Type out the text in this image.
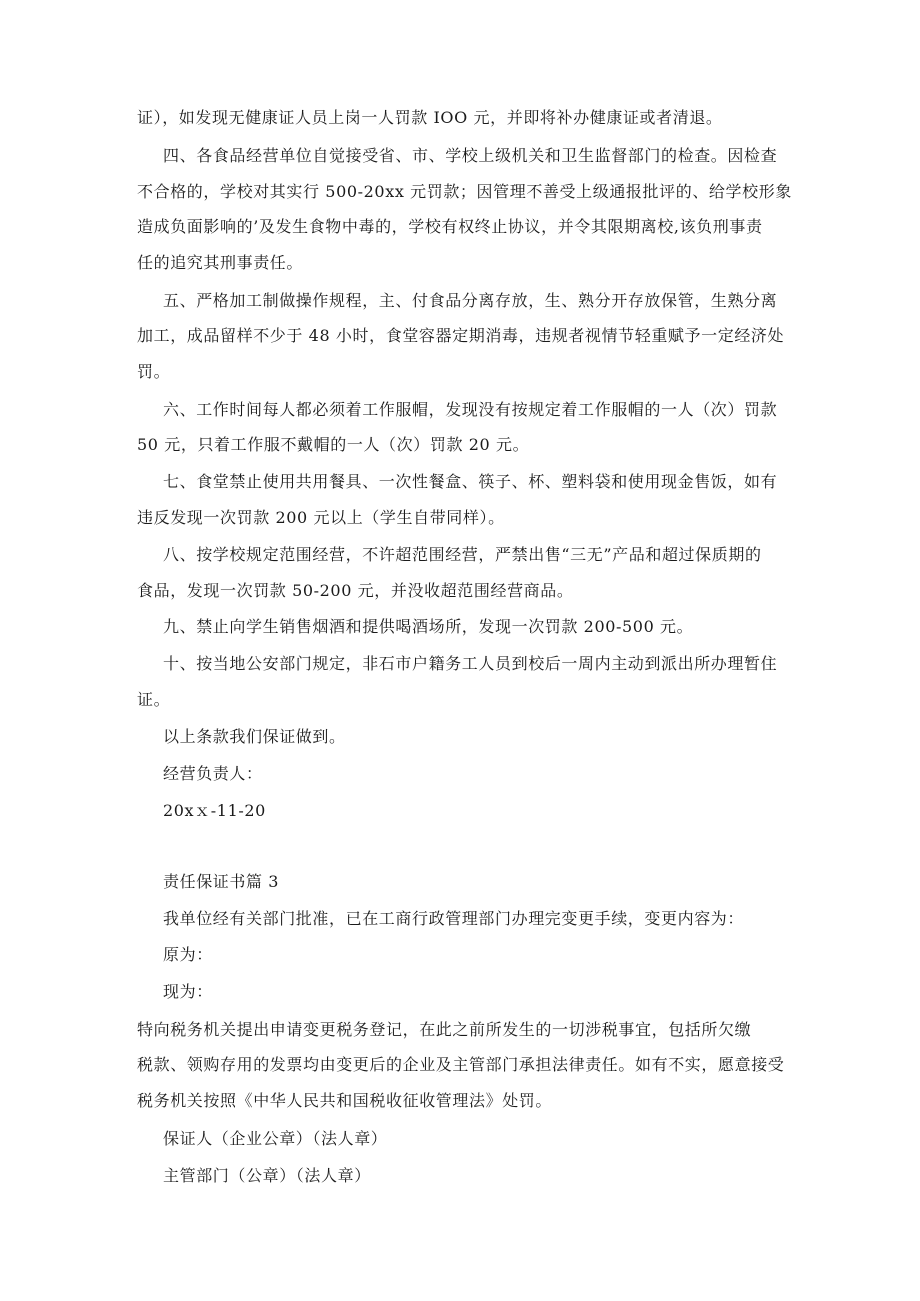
证），如发现无健康证人员上岗一人罚款 IOO 元，并即将补办健康证或者清退。
四、各食品经营单位自觉接受省、市、学校上级机关和卫生监督部门的检查。因检查
不合格的，学校对其实行 500-20xx 元罚款；因管理不善受上级通报批评的、给学校形象
造成负面影响的’及发生食物中毒的，学校有权终止协议，并令其限期离校,该负刑事责
任的追究其刑事责任。
五、严格加工制做操作规程，主、付食品分离存放，生、熟分开存放保管，生熟分离
加工，成品留样不少于 48 小时，食堂容器定期消毒，违规者视情节轻重赋予一定经济处
罚。
六、工作时间每人都必须着工作服帽，发现没有按规定着工作服帽的一人（次）罚款
50 元，只着工作服不戴帽的一人（次）罚款 20 元。
七、食堂禁止使用共用餐具、一次性餐盒、筷子、杯、塑料袋和使用现金售饭，如有
违反发现一次罚款 200 元以上（学生自带同样）。
八、按学校规定范围经营，不许超范围经营，严禁出售“三无”产品和超过保质期的
食品，发现一次罚款 50-200 元，并没收超范围经营商品。
九、禁止向学生销售烟酒和提供喝酒场所，发现一次罚款 200-500 元。
十、按当地公安部门规定，非石市户籍务工人员到校后一周内主动到派出所办理暂住
证。
以上条款我们保证做到。
经营负责人：
20xｘ-11-20
责任保证书篇 3
我单位经有关部门批准，已在工商行政管理部门办理完变更手续，变更内容为：
原为：
现为：
特向税务机关提出申请变更税务登记，在此之前所发生的一切涉税事宜，包括所欠缴
税款、领购存用的发票均由变更后的企业及主管部门承担法律责任。如有不实，愿意接受
税务机关按照《中华人民共和国税收征收管理法》处罚。
保证人（企业公章）（法人章）
主管部门（公章）（法人章）
